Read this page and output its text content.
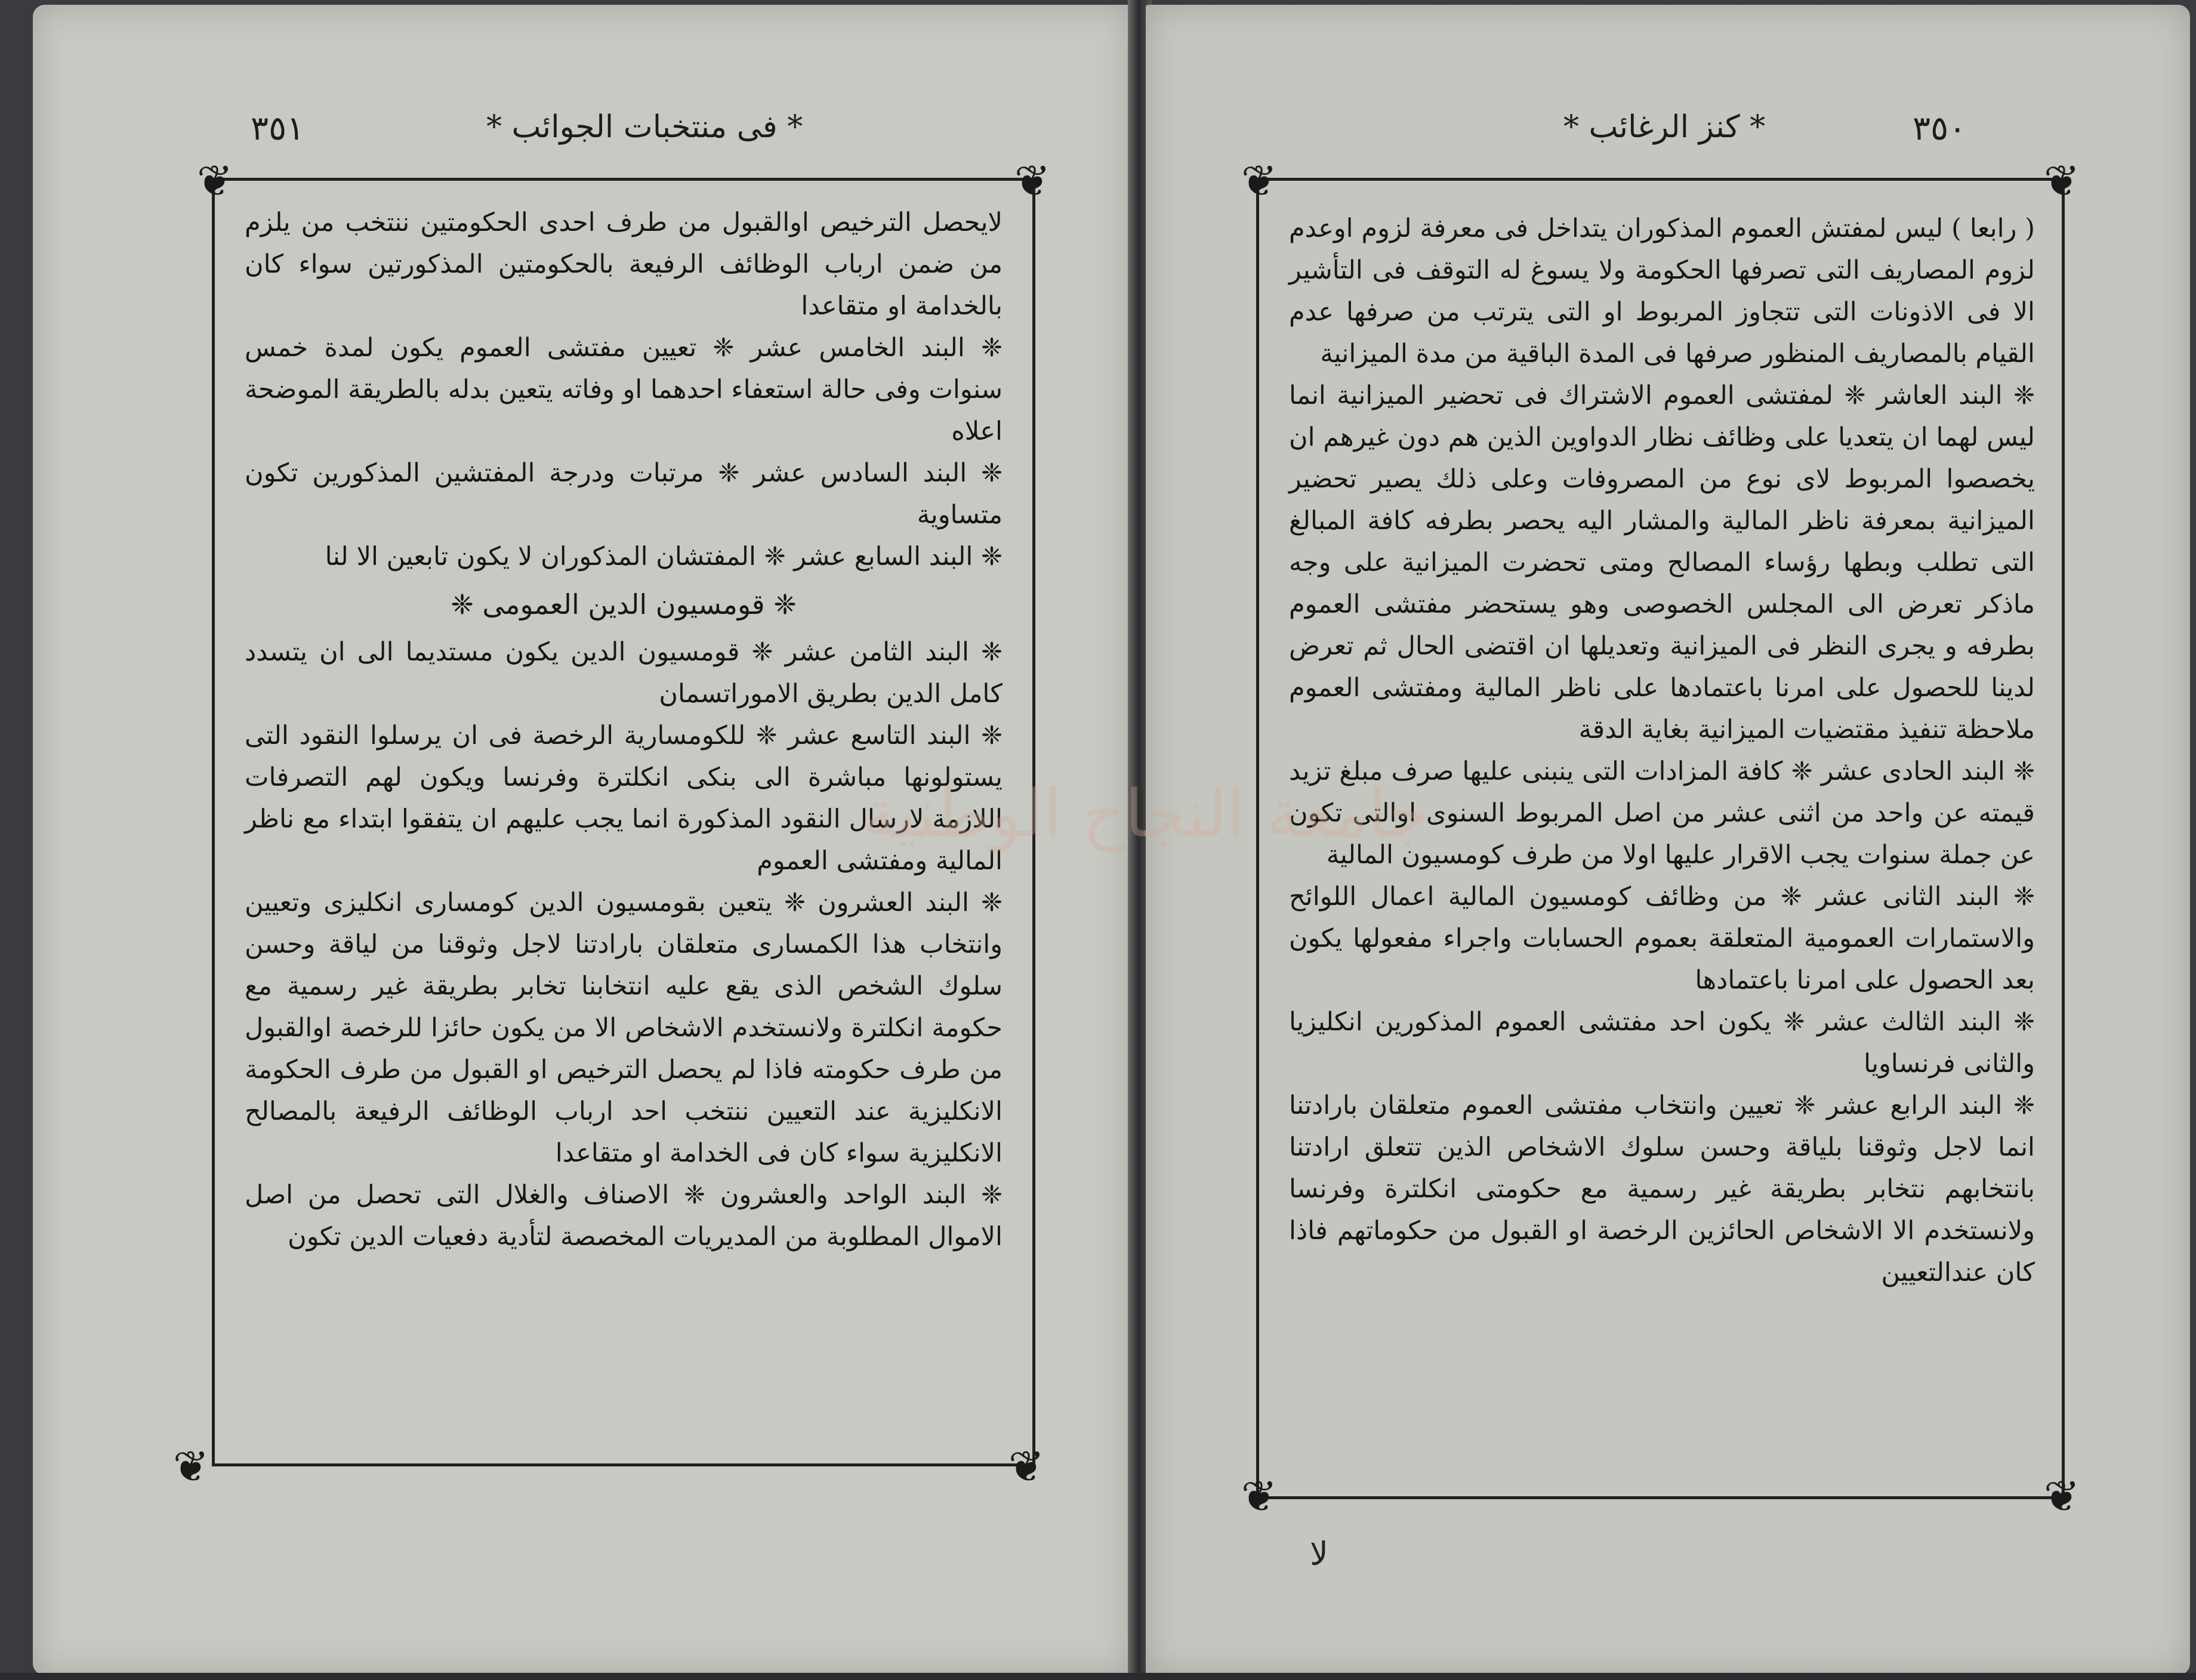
٣٥١	* فى منتخبات الجوائب *
❦	❦
❦	❦

لايحصل الترخيص اوالقبول من طرف احدى الحكومتين ننتخب من يلزم من ضمن ارباب الوظائف الرفيعة بالحكومتين المذكورتين سواء كان بالخدامة او متقاعدا

❈ البند الخامس عشر ❈ تعيين مفتشى العموم يكون لمدة خمس سنوات وفى حالة استعفاء احدهما او وفاته يتعين بدله بالطريقة الموضحة اعلاه

❈ البند السادس عشر ❈ مرتبات ودرجة المفتشين المذكورين تكون متساوية

❈ البند السابع عشر ❈ المفتشان المذكوران لا يكون تابعين الا لنا

❈ قومسيون الدين العمومى ❈

❈ البند الثامن عشر ❈ قومسيون الدين يكون مستديما الى ان يتسدد كامل الدين بطريق الاموراتسمان

❈ البند التاسع عشر ❈ للكومسارية الرخصة فى ان يرسلوا النقود التى يستولونها مباشرة الى بنكى انكلترة وفرنسا ويكون لهم التصرفات اللازمة لارسال النقود المذكورة انما يجب عليهم ان يتفقوا ابتداء مع ناظر المالية ومفتشى العموم

❈ البند العشرون ❈ يتعين بقومسيون الدين كومسارى انكليزى وتعيين وانتخاب هذا الكمسارى متعلقان بارادتنا لاجل وثوقنا من لياقة وحسن سلوك الشخص الذى يقع عليه انتخابنا تخابر بطريقة غير رسمية مع حكومة انكلترة ولانستخدم الاشخاص الا من يكون حائزا للرخصة اوالقبول من طرف حكومته فاذا لم يحصل الترخيص او القبول من طرف الحكومة الانكليزية عند التعيين ننتخب احد ارباب الوظائف الرفيعة بالمصالح الانكليزية سواء كان فى الخدامة او متقاعدا

❈ البند الواحد والعشرون ❈ الاصناف والغلال التى تحصل من اصل الاموال المطلوبة من المديريات المخصصة لتأدية دفعيات الدين تكون

* كنز الرغائب *	٣٥٠
❦	❦
❦	❦

( رابعا ) ليس لمفتش العموم المذكوران يتداخل فى معرفة لزوم اوعدم لزوم المصاريف التى تصرفها الحكومة ولا يسوغ له التوقف فى التأشير الا فى الاذونات التى تتجاوز المربوط او التى يترتب من صرفها عدم القيام بالمصاريف المنظور صرفها فى المدة الباقية من مدة الميزانية

❈ البند العاشر ❈ لمفتشى العموم الاشتراك فى تحضير الميزانية انما ليس لهما ان يتعديا على وظائف نظار الدواوين الذين هم دون غيرهم ان يخصصوا المربوط لاى نوع من المصروفات وعلى ذلك يصير تحضير الميزانية بمعرفة ناظر المالية والمشار اليه يحصر بطرفه كافة المبالغ التى تطلب وبطها رؤساء المصالح ومتى تحضرت الميزانية على وجه ماذكر تعرض الى المجلس الخصوصى وهو يستحضر مفتشى العموم بطرفه و يجرى النظر فى الميزانية وتعديلها ان اقتضى الحال ثم تعرض لدينا للحصول على امرنا باعتمادها على ناظر المالية ومفتشى العموم ملاحظة تنفيذ مقتضيات الميزانية بغاية الدقة

❈ البند الحادى عشر ❈ كافة المزادات التى ينبنى عليها صرف مبلغ تزيد قيمته عن واحد من اثنى عشر من اصل المربوط السنوى اوالتى تكون عن جملة سنوات يجب الاقرار عليها اولا من طرف كومسيون المالية

❈ البند الثانى عشر ❈ من وظائف كومسيون المالية اعمال اللوائح والاستمارات العمومية المتعلقة بعموم الحسابات واجراء مفعولها يكون بعد الحصول على امرنا باعتمادها

❈ البند الثالث عشر ❈ يكون احد مفتشى العموم المذكورين انكليزيا والثانى فرنساويا

❈ البند الرابع عشر ❈ تعيين وانتخاب مفتشى العموم متعلقان بارادتنا انما لاجل وثوقنا بلياقة وحسن سلوك الاشخاص الذين تتعلق ارادتنا بانتخابهم نتخابر بطريقة غير رسمية مع حكومتى انكلترة وفرنسا ولانستخدم الا الاشخاص الحائزين الرخصة او القبول من حكوماتهم فاذا كان عندالتعيين

لا
جامعة النجاح الوطنية
